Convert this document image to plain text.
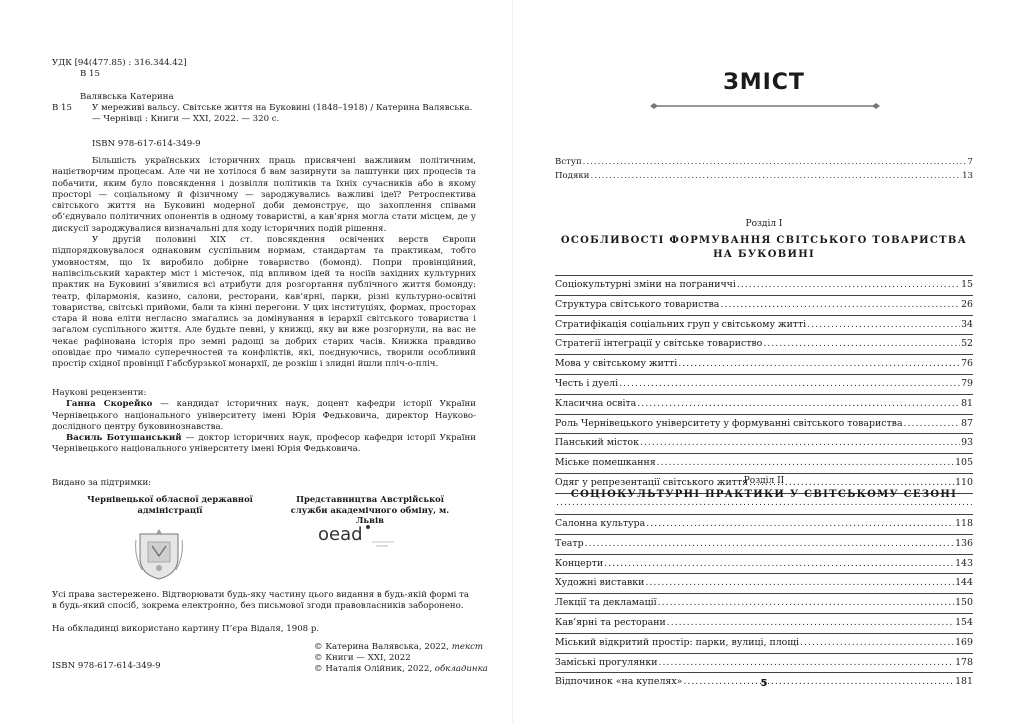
УДК [94(477.85) : 316.344.42]
В 15
Валявська Катерина
В 15 У мереживі вальсу. Світське життя на Буковині (1848–1918) / Катерина Валявська. — Чернівці : Книги — XXI, 2022. — 320 с.
ISBN 978-617-614-349-9

Більшість українських історичних праць присвячені важливим політичним, націєтворчим процесам. Але чи не хотілося б вам зазирнути за лаштунки цих процесів та побачити, яким було повсякдення і дозвілля політиків та їхніх сучасників або в якому просторі — соціальному й фізичному — зароджувались важливі ідеї? Ретроспектива світського життя на Буковині модерної доби демонструє, що захоплення співами об’єднувало політичних опонентів в одному товаристві, а кав’ярня могла стати місцем, де у дискусії зароджувалися визначальні для ходу історичних подій рішення.

У другій половині XIX ст. повсякдення освічених верств Європи підпорядковувалося однаковим суспільним нормам, стандартам та практикам, тобто умовностям, що їх виробило добірне товариство (бомонд). Попри провінційний, напівсільський характер міст і містечок, під впливом ідей та носіїв західних культурних практик на Буковині з’явилися всі атрибути для розгортання публічного життя бомонду: театр, філармонія, казино, салони, ресторани, кав’ярні, парки, різні культурно-освітні товариства, світські прийоми, бали та кінні перегони. У цих інституціях, формах, просторах стара й нова еліти негласно змагались за домінування в ієрархії світського товариства і загалом суспільного життя. Але будьте певні, у книжці, яку ви вже розгорнули, на вас не чекає рафінована історія про земні радощі за добрих старих часів. Книжка правдиво оповідає про чимало суперечностей та конфліктів, які, поєднуючись, творили особливий простір східної провінції Габсбурзької монархії, де розкіш і злидні йшли пліч-о-пліч.

Наукові рецензенти:

Ганна Скорейко — кандидат історичних наук, доцент кафедри історії України Чернівецького національного університету імені Юрія Федьковича, директор Науково-дослідного центру буковинознавства.

Василь Ботушанський — доктор історичних наук, професор кафедри історії України Чернівецького національного університету імені Юрія Федьковича.

Видано за підтримки:
Чернівецької обласної державної адміністрації
Представництва Австрійської служби академічного обміну, м. Львів
oead
Усі права застережено. Відтворювати будь-яку частину цього видання в будь-якій формі та в будь-який спосіб, зокрема електронно, без письмової згоди правовласників заборонено.
На обкладинці використано картину П’єра Відаля, 1908 р.
© Катерина Валявська, 2022, текст
© Книги — XXI, 2022
© Наталія Олійник, 2022, обкладинка
ISBN 978-617-614-349-9
ЗМІСТ
Вступ .....	7
Подяки .....	13
Розділ I
ОСОБЛИВОСТІ ФОРМУВАННЯ СВІТСЬКОГО ТОВАРИСТВА
НА БУКОВИНІ
Соціокультурні зміни на пограниччі .....	15
Структура світського товариства .....	26
Стратифікація соціальних груп у світському житті .....	34
Стратегії інтеграції у світське товариство .....	52
Мова у світському житті .....	76
Честь і дуелі .....	79
Класична освіта .....	81
Роль Чернівецького університету у формуванні світського товариства .....	87
Панський місток .....	93
Міське помешкання .....	105
Одяг у репрезентації світського життя .....	110
.....
Розділ II
СОЦІОКУЛЬТУРНІ ПРАКТИКИ У СВІТСЬКОМУ СЕЗОНІ
Салонна культура .....	118
Театр .....	136
Концерти .....	143
Художні виставки .....	144
Лекції та декламації .....	150
Кав’ярні та ресторани .....	154
Міський відкритий простір: парки, вулиці, площі .....	169
Заміські прогулянки .....	178
Відпочинок «на купелях» .....	181
5
